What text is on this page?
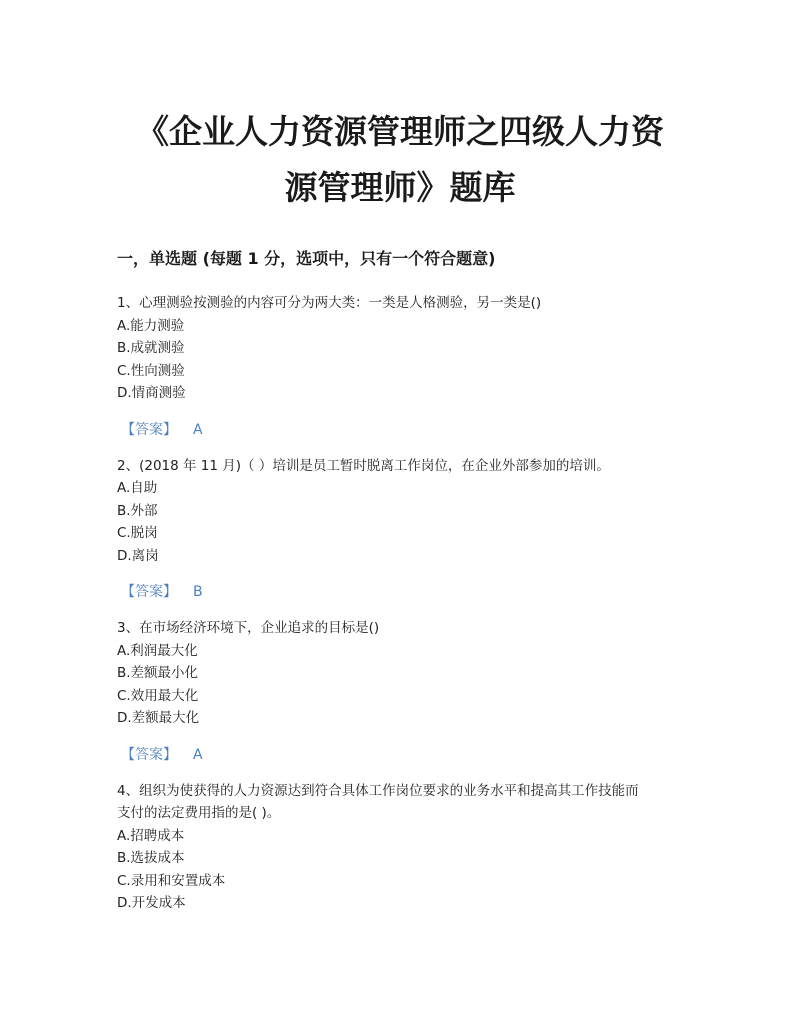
《企业人力资源管理师之四级人力资
源管理师》题库
一，单选题 (每题 1 分，选项中，只有一个符合题意)

1、心理测验按测验的内容可分为两大类：一类是人格测验，另一类是()

A.能力测验

B.成就测验

C.性向测验

D.情商测验

【答案】 A

2、(2018 年 11 月)（ ）培训是员工暂时脱离工作岗位，在企业外部参加的培训。

A.自助

B.外部

C.脱岗

D.离岗

【答案】 B

3、在市场经济环境下，企业追求的目标是()

A.利润最大化

B.差额最小化

C.效用最大化

D.差额最大化

【答案】 A

4、组织为使获得的人力资源达到符合具体工作岗位要求的业务水平和提高其工作技能而

支付的法定费用指的是( )。

A.招聘成本

B.选拔成本

C.录用和安置成本

D.开发成本
